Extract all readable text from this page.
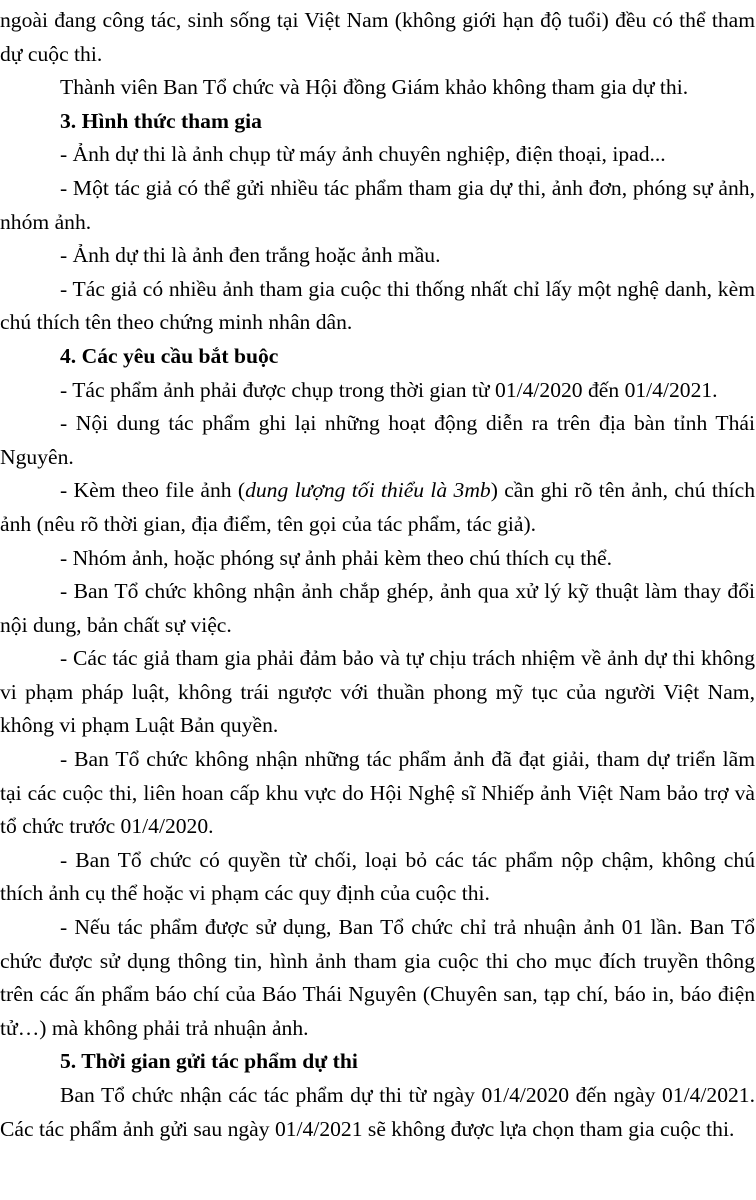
ngoài đang công tác, sinh sống tại Việt Nam (không giới hạn độ tuổi) đều có thể tham dự cuộc thi.

Thành viên Ban Tổ chức và Hội đồng Giám khảo không tham gia dự thi.

3. Hình thức tham gia

- Ảnh dự thi là ảnh chụp từ máy ảnh chuyên nghiệp, điện thoại, ipad...

- Một tác giả có thể gửi nhiều tác phẩm tham gia dự thi, ảnh đơn, phóng sự ảnh, nhóm ảnh.

- Ảnh dự thi là ảnh đen trắng hoặc ảnh mầu.

- Tác giả có nhiều ảnh tham gia cuộc thi thống nhất chỉ lấy một nghệ danh, kèm chú thích tên theo chứng minh nhân dân.

4. Các yêu cầu bắt buộc

- Tác phẩm ảnh phải được chụp trong thời gian từ 01/4/2020 đến 01/4/2021.

- Nội dung tác phẩm ghi lại những hoạt động diễn ra trên địa bàn tỉnh Thái Nguyên.

- Kèm theo file ảnh (dung lượng tối thiểu là 3mb) cần ghi rõ tên ảnh, chú thích ảnh (nêu rõ thời gian, địa điểm, tên gọi của tác phẩm, tác giả).

- Nhóm ảnh, hoặc phóng sự ảnh phải kèm theo chú thích cụ thể.

- Ban Tổ chức không nhận ảnh chắp ghép, ảnh qua xử lý kỹ thuật làm thay đổi nội dung, bản chất sự việc.

- Các tác giả tham gia phải đảm bảo và tự chịu trách nhiệm về ảnh dự thi không vi phạm pháp luật, không trái ngược với thuần phong mỹ tục của người Việt Nam, không vi phạm Luật Bản quyền.

- Ban Tổ chức không nhận những tác phẩm ảnh đã đạt giải, tham dự triển lãm tại các cuộc thi, liên hoan cấp khu vực do Hội Nghệ sĩ Nhiếp ảnh Việt Nam bảo trợ và tổ chức trước 01/4/2020.

- Ban Tổ chức có quyền từ chối, loại bỏ các tác phẩm nộp chậm, không chú thích ảnh cụ thể hoặc vi phạm các quy định của cuộc thi.

- Nếu tác phẩm được sử dụng, Ban Tổ chức chỉ trả nhuận ảnh 01 lần. Ban Tổ chức được sử dụng thông tin, hình ảnh tham gia cuộc thi cho mục đích truyền thông trên các ấn phẩm báo chí của Báo Thái Nguyên (Chuyên san, tạp chí, báo in, báo điện tử…) mà không phải trả nhuận ảnh.

5. Thời gian gửi tác phẩm dự thi

Ban Tổ chức nhận các tác phẩm dự thi từ ngày 01/4/2020 đến ngày 01/4/2021. Các tác phẩm ảnh gửi sau ngày 01/4/2021 sẽ không được lựa chọn tham gia cuộc thi.
